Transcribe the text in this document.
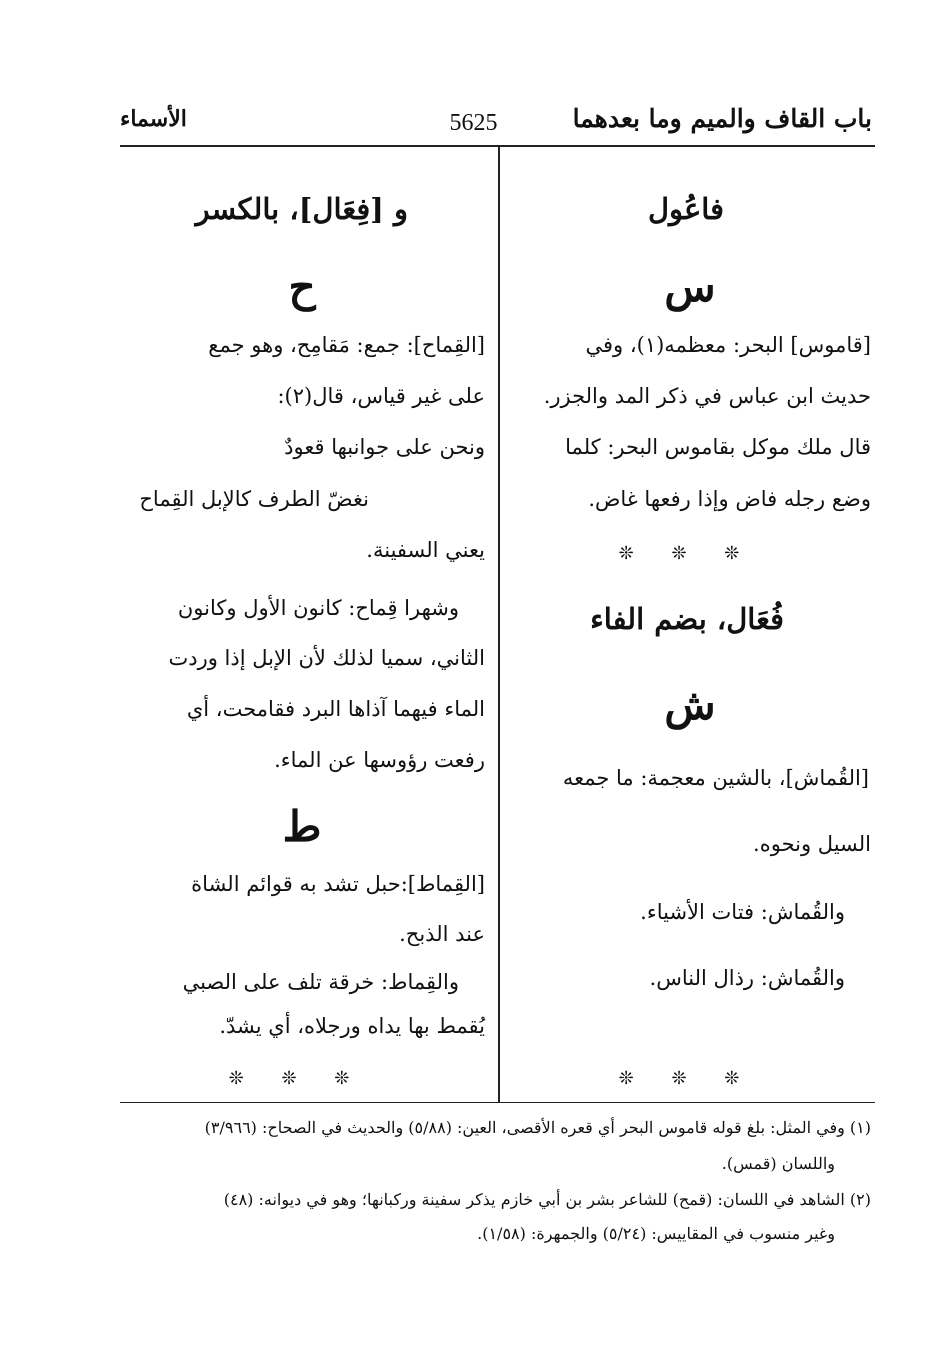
باب القاف والميم وما بعدهما
5625
الأسماء
فاعُول
س
[قاموس] البحر: معظمه(١)، وفي
حديث ابن عباس في ذكر المد والجزر.
قال ملك موكل بقاموس البحر: كلما
وضع رجله فاض وإذا رفعها غاض.
❊ ❊ ❊
فُعَال، بضم الفاء
ش
[القُماش]، بالشين معجمة: ما جمعه
السيل ونحوه.
والقُماش: فتات الأشياء.
والقُماش: رذال الناس.
❊ ❊ ❊
و [فِعَال]، بالكسر
ح
[القِماح]: جمع: مَقامِح، وهو جمع
على غير قياس، قال(٢):
ونحن على جوانبها قعودٌ
نغضّ الطرف كالإبل القِماح
يعني السفينة.
وشهرا قِماح: كانون الأول وكانون
الثاني، سميا لذلك لأن الإبل إذا وردت
الماء فيهما آذاها البرد فقامحت، أي
رفعت رؤوسها عن الماء.
ط
[القِماط]:حبل تشد به قوائم الشاة
عند الذبح.
والقِماط: خرقة تلف على الصبي
يُقمط بها يداه ورجلاه، أي يشدّ.
❊ ❊ ❊
(١) وفي المثل: بلغ قوله قاموس البحر أي قعره الأقصى، العين: (٥/٨٨) والحديث في الصحاح: (٣/٩٦٦)
واللسان (قمس).
(٢) الشاهد في اللسان: (قمح) للشاعر بشر بن أبي خازم يذكر سفينة وركبانها؛ وهو في ديوانه: (٤٨)
وغير منسوب في المقاييس: (٥/٢٤) والجمهرة: (١/٥٨).
